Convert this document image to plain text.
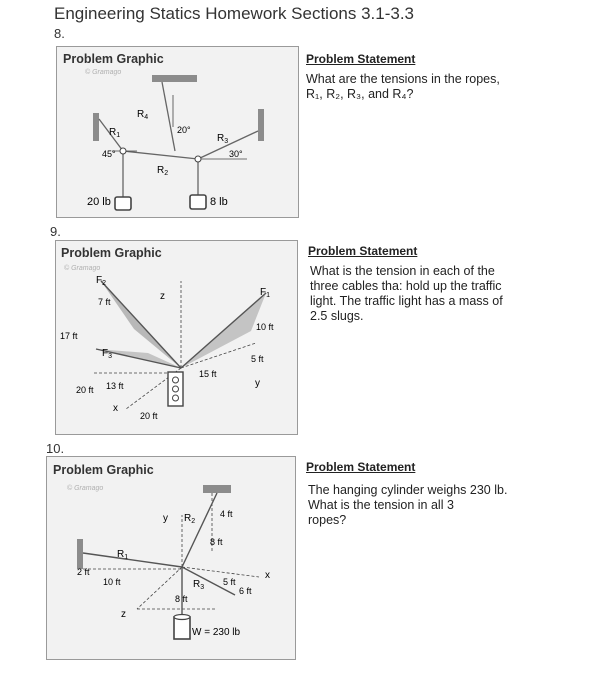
Engineering Statics Homework Sections 3.1-3.3
8.
Problem Graphic
© Gramago
$R_1$
$R_4$
$R_2$
$R_3$
45°
20°
30°
20 lb	8 lb
Problem Statement
What are the tensions in the ropes,
R₁, R₂, R₃, and R₄?
9.
Problem Graphic
© Gramago
$F_2$
$F_1$
$F_3$
z
x
y
7 ft
17 ft
20 ft 13 ft
20 ft
10 ft
5 ft
15 ft
Problem Statement
What is the tension in each of the
three cables tha: hold up the traffic
light. The traffic light has a mass of
2.5 slugs.
10.
Problem Graphic
© Gramago
$R_1$
$R_2$
$R_3$
y
x
z
4 ft
8 ft
2 ft
10 ft	5 ft
6 ft
8 ft
W = 230 lb
Problem Statement
The hanging cylinder weighs 230 lb.
What is the tension in all 3
ropes?
